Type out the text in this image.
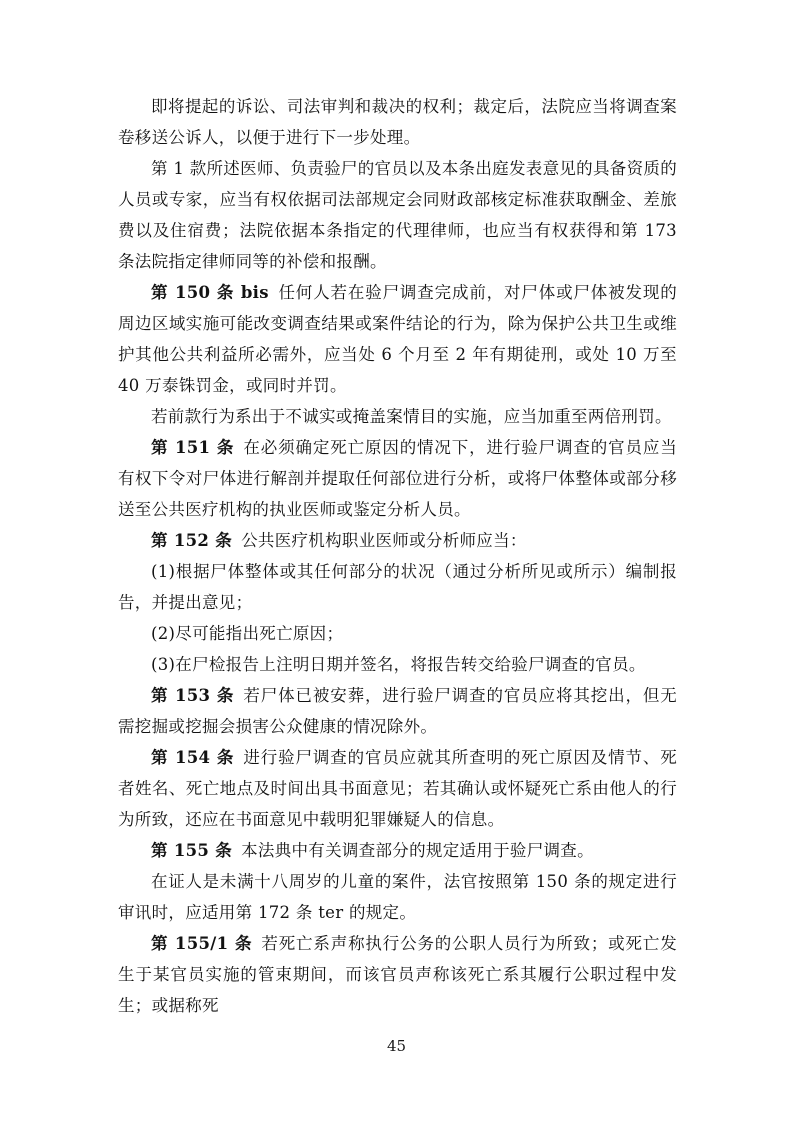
即将提起的诉讼、司法审判和裁决的权利；裁定后，法院应当将调查案卷移送公诉人，以便于进行下一步处理。

第 1 款所述医师、负责验尸的官员以及本条出庭发表意见的具备资质的人员或专家，应当有权依据司法部规定会同财政部核定标准获取酬金、差旅费以及住宿费；法院依据本条指定的代理律师，也应当有权获得和第 173 条法院指定律师同等的补偿和报酬。

第 150 条 bis 任何人若在验尸调查完成前，对尸体或尸体被发现的周边区域实施可能改变调查结果或案件结论的行为，除为保护公共卫生或维护其他公共利益所必需外，应当处 6 个月至 2 年有期徒刑，或处 10 万至 40 万泰铢罚金，或同时并罚。

若前款行为系出于不诚实或掩盖案情目的实施，应当加重至两倍刑罚。

第 151 条 在必须确定死亡原因的情况下，进行验尸调查的官员应当有权下令对尸体进行解剖并提取任何部位进行分析，或将尸体整体或部分移送至公共医疗机构的执业医师或鉴定分析人员。

第 152 条 公共医疗机构职业医师或分析师应当：

(1)根据尸体整体或其任何部分的状况（通过分析所见或所示）编制报告，并提出意见；

(2)尽可能指出死亡原因；

(3)在尸检报告上注明日期并签名，将报告转交给验尸调查的官员。

第 153 条 若尸体已被安葬，进行验尸调查的官员应将其挖出，但无需挖掘或挖掘会损害公众健康的情况除外。

第 154 条 进行验尸调查的官员应就其所查明的死亡原因及情节、死者姓名、死亡地点及时间出具书面意见；若其确认或怀疑死亡系由他人的行为所致，还应在书面意见中载明犯罪嫌疑人的信息。

第 155 条 本法典中有关调查部分的规定适用于验尸调查。

在证人是未满十八周岁的儿童的案件，法官按照第 150 条的规定进行审讯时，应适用第 172 条 ter 的规定。

第 155/1 条 若死亡系声称执行公务的公职人员行为所致；或死亡发生于某官员实施的管束期间，而该官员声称该死亡系其履行公职过程中发生；或据称死

45
